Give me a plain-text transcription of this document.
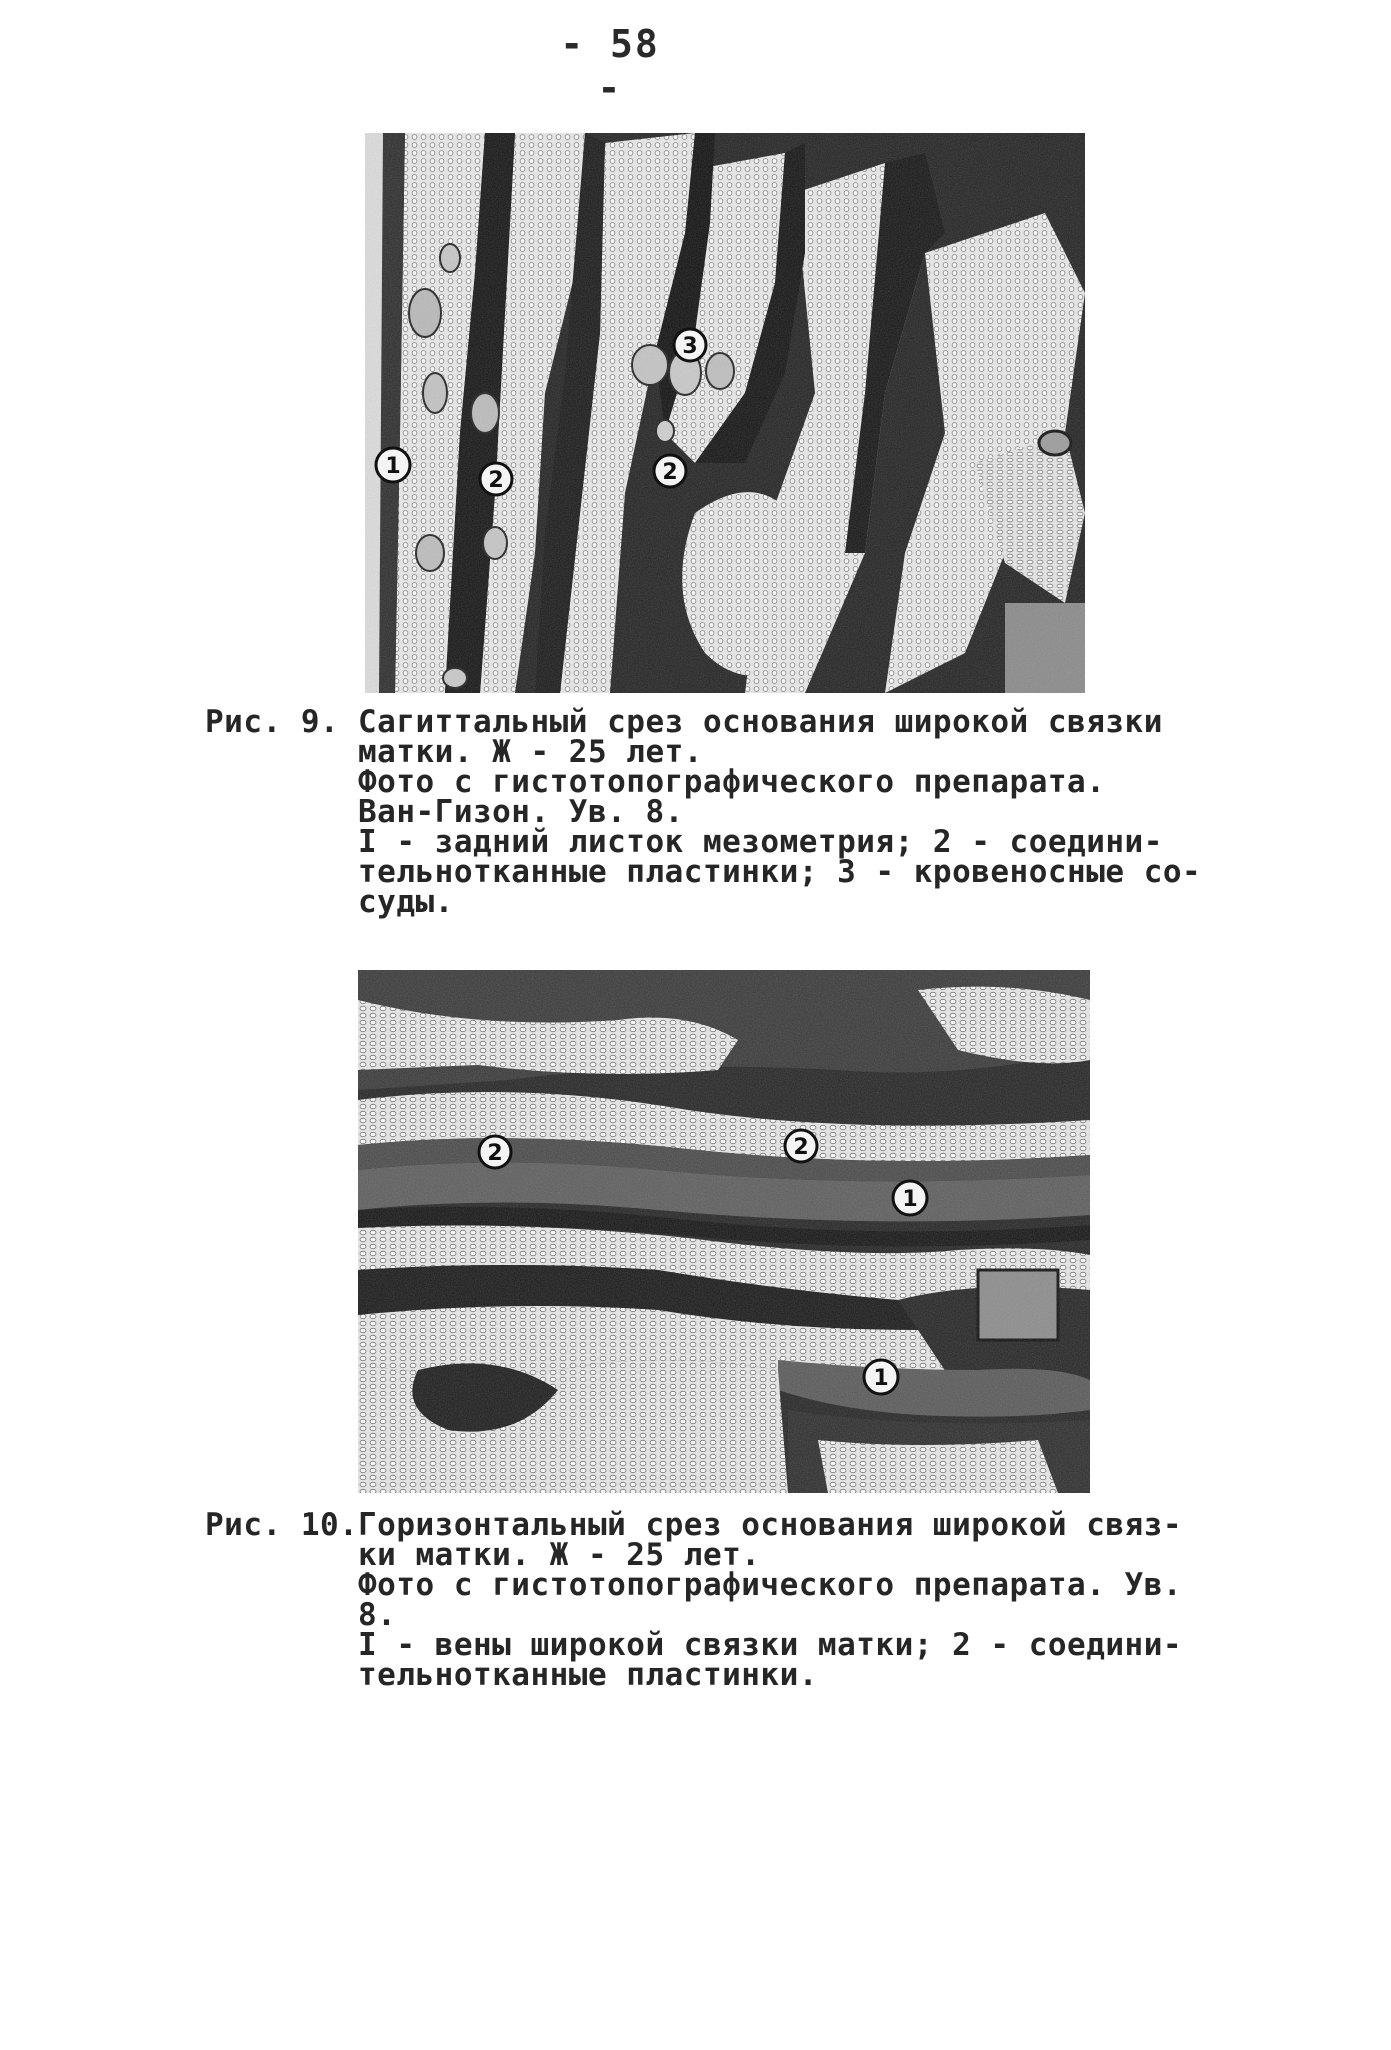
- 58 -
1
2
3
2
Рис. 9. Сагиттальный срез основания широкой связки
матки. Ж - 25 лет.
Фото с гистотопографического препарата.
Ван-Гизон. Ув. 8.
I - задний листок мезометрия; 2 - соедини-
тельнотканные пластинки; 3 - кровеносные со-
суды.
2	2
1
1
Рис. 10. Горизонтальный срез основания широкой связ-
ки матки. Ж - 25 лет.
Фото с гистотопографического препарата. Ув.
8.
I - вены широкой связки матки; 2 - соедини-
тельнотканные пластинки.
